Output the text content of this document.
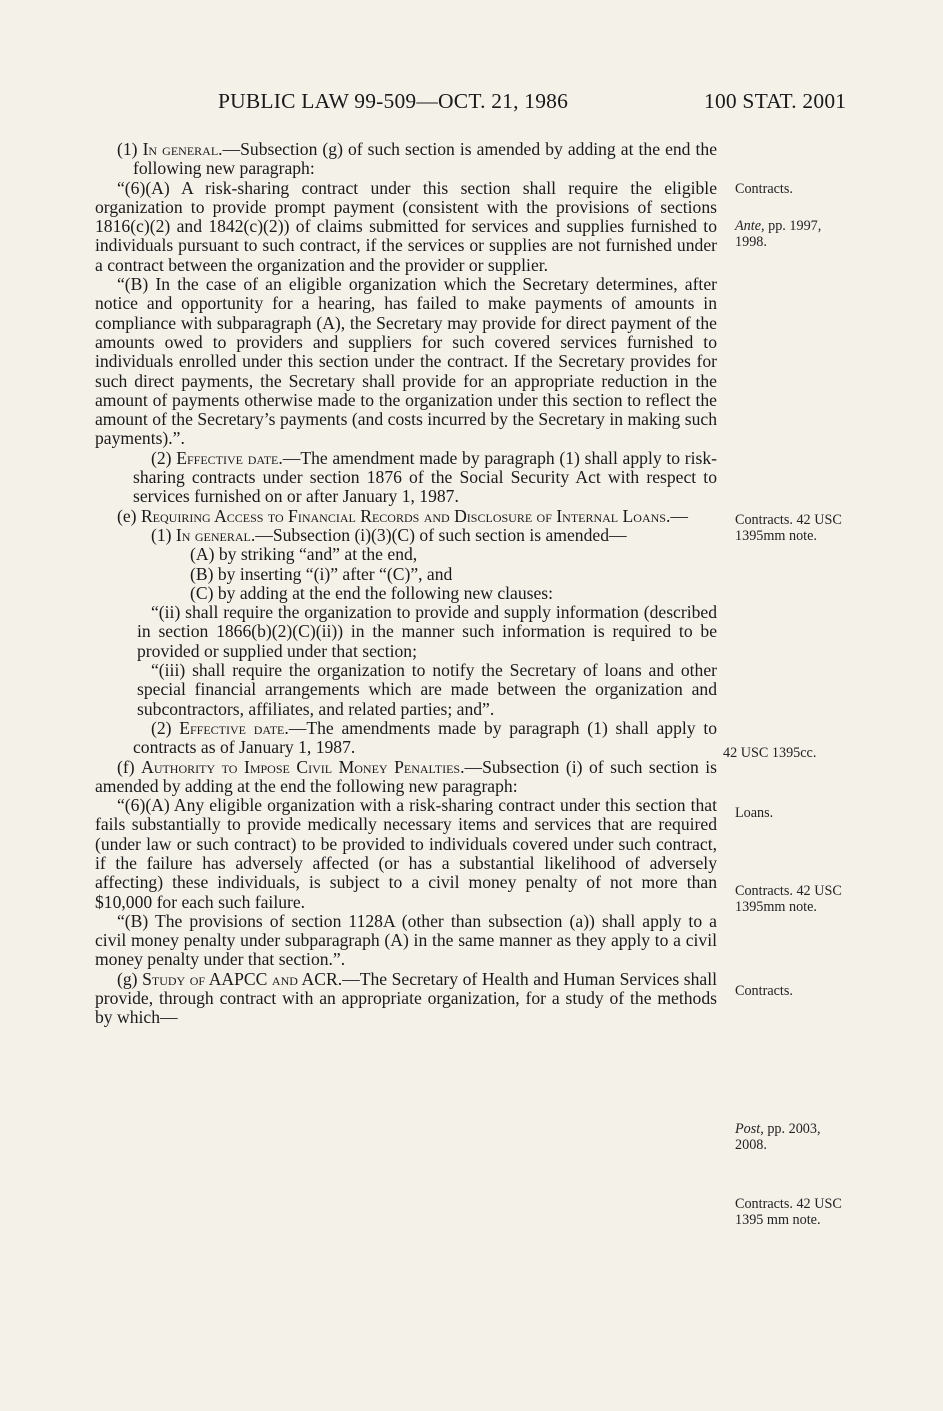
PUBLIC LAW 99-509—OCT. 21, 1986	100 STAT. 2001

(1) In general.—Subsection (g) of such section is amended by adding at the end the following new paragraph:

“(6)(A) A risk-sharing contract under this section shall require the eligible organization to provide prompt payment (consistent with the provisions of sections 1816(c)(2) and 1842(c)(2)) of claims submitted for services and supplies furnished to individuals pursuant to such contract, if the services or supplies are not furnished under a contract between the organization and the provider or supplier.

“(B) In the case of an eligible organization which the Secretary determines, after notice and opportunity for a hearing, has failed to make payments of amounts in compliance with subparagraph (A), the Secretary may provide for direct payment of the amounts owed to providers and suppliers for such covered services furnished to individuals enrolled under this section under the contract. If the Secretary provides for such direct payments, the Secretary shall provide for an appropriate reduction in the amount of payments otherwise made to the organization under this section to reflect the amount of the Secretary’s payments (and costs incurred by the Secretary in making such payments).”.

(2) Effective date.—The amendment made by paragraph (1) shall apply to risk-sharing contracts under section 1876 of the Social Security Act with respect to services furnished on or after January 1, 1987.

(e) Requiring Access to Financial Records and Disclosure of Internal Loans.—

(1) In general.—Subsection (i)(3)(C) of such section is amended—

(A) by striking “and” at the end,

(B) by inserting “(i)” after “(C)”, and

(C) by adding at the end the following new clauses:

“(ii) shall require the organization to provide and supply information (described in section 1866(b)(2)(C)(ii)) in the manner such information is required to be provided or supplied under that section;

“(iii) shall require the organization to notify the Secretary of loans and other special financial arrangements which are made between the organization and subcontractors, affiliates, and related parties; and”.

(2) Effective date.—The amendments made by paragraph (1) shall apply to contracts as of January 1, 1987.

(f) Authority to Impose Civil Money Penalties.—Subsection (i) of such section is amended by adding at the end the following new paragraph:

“(6)(A) Any eligible organization with a risk-sharing contract under this section that fails substantially to provide medically necessary items and services that are required (under law or such contract) to be provided to individuals covered under such contract, if the failure has adversely affected (or has a substantial likelihood of adversely affecting) these individuals, is subject to a civil money penalty of not more than $10,000 for each such failure.

“(B) The provisions of section 1128A (other than subsection (a)) shall apply to a civil money penalty under subparagraph (A) in the same manner as they apply to a civil money penalty under that section.”.

(g) Study of AAPCC and ACR.—The Secretary of Health and Human Services shall provide, through contract with an appropriate organization, for a study of the methods by which—

Contracts.

Ante, pp. 1997, 1998.

Contracts. 42 USC 1395mm note.

42 USC 1395cc.

Loans.

Contracts. 42 USC 1395mm note.

Contracts.

Post, pp. 2003, 2008.

Contracts. 42 USC 1395 mm note.
